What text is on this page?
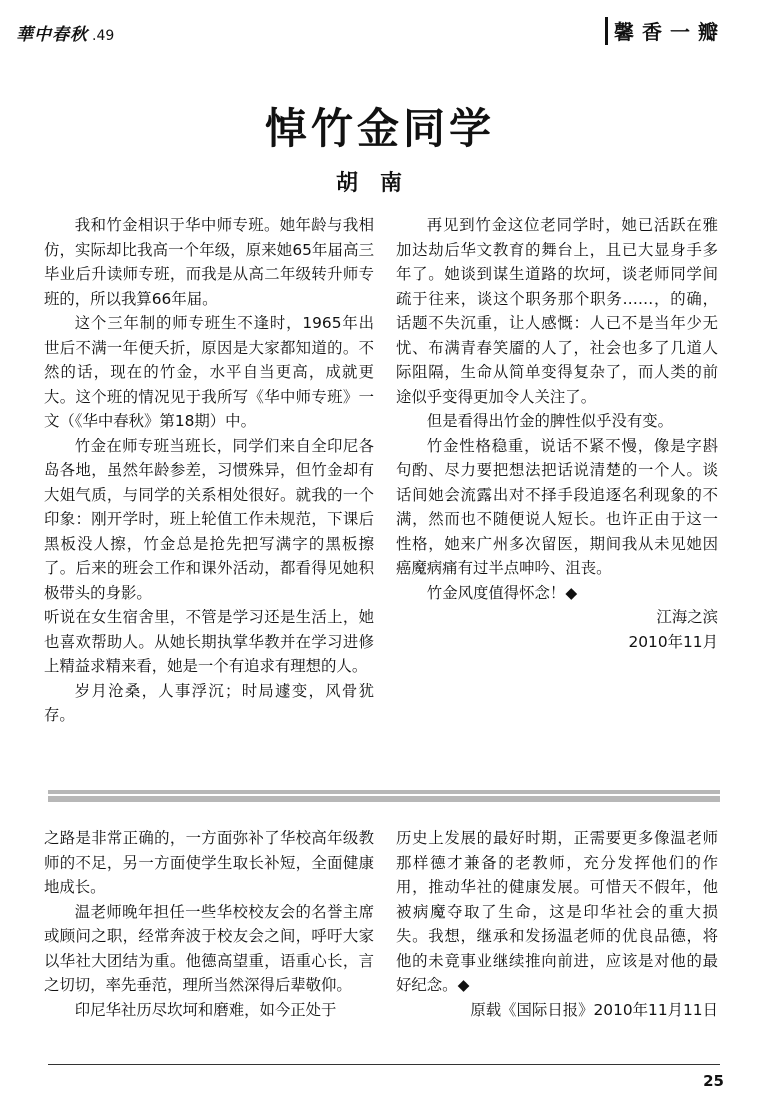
華中春秋 .49	馨香一瓣
悼竹金同学
胡南

我和竹金相识于华中师专班。她年龄与我相仿，实际却比我高一个年级，原来她65年届高三毕业后升读师专班，而我是从高二年级转升师专班的，所以我算66年届。

这个三年制的师专班生不逢时，1965年出世后不满一年便夭折，原因是大家都知道的。不然的话，现在的竹金，水平自当更高，成就更大。这个班的情况见于我所写《华中师专班》一文（《华中春秋》第18期）中。

竹金在师专班当班长，同学们来自全印尼各岛各地，虽然年龄参差，习惯殊异，但竹金却有大姐气质，与同学的关系相处很好。就我的一个印象：刚开学时，班上轮值工作未规范，下课后黑板没人擦，竹金总是抢先把写满字的黑板擦了。后来的班会工作和课外活动，都看得见她积极带头的身影。

听说在女生宿舍里，不管是学习还是生活上，她也喜欢帮助人。从她长期执掌华教并在学习进修上精益求精来看，她是一个有追求有理想的人。

岁月沧桑，人事浮沉；时局遽变，风骨犹存。

再见到竹金这位老同学时，她已活跃在雅加达劫后华文教育的舞台上，且已大显身手多年了。她谈到谋生道路的坎坷，谈老师同学间疏于往来，谈这个职务那个职务……，的确，话题不失沉重，让人感慨：人已不是当年少无忧、布满青春笑靥的人了，社会也多了几道人际阻隔，生命从简单变得复杂了，而人类的前途似乎变得更加令人关注了。

但是看得出竹金的脾性似乎没有变。

竹金性格稳重，说话不紧不慢，像是字斟句酌、尽力要把想法把话说清楚的一个人。谈话间她会流露出对不择手段追逐名利现象的不满，然而也不随便说人短长。也许正由于这一性格，她来广州多次留医，期间我从未见她因癌魔病痛有过半点呻吟、沮丧。

竹金风度值得怀念！◆

江海之滨

2010年11月

之路是非常正确的，一方面弥补了华校高年级教师的不足，另一方面使学生取长补短，全面健康地成长。

温老师晚年担任一些华校校友会的名誉主席或顾问之职，经常奔波于校友会之间，呼吁大家以华社大团结为重。他德高望重，语重心长，言之切切，率先垂范，理所当然深得后辈敬仰。

印尼华社历尽坎坷和磨难，如今正处于

历史上发展的最好时期，正需要更多像温老师那样德才兼备的老教师，充分发挥他们的作用，推动华社的健康发展。可惜天不假年，他被病魔夺取了生命，这是印华社会的重大损失。我想，继承和发扬温老师的优良品德，将他的未竟事业继续推向前进，应该是对他的最好纪念。◆

原载《国际日报》2010年11月11日

25
